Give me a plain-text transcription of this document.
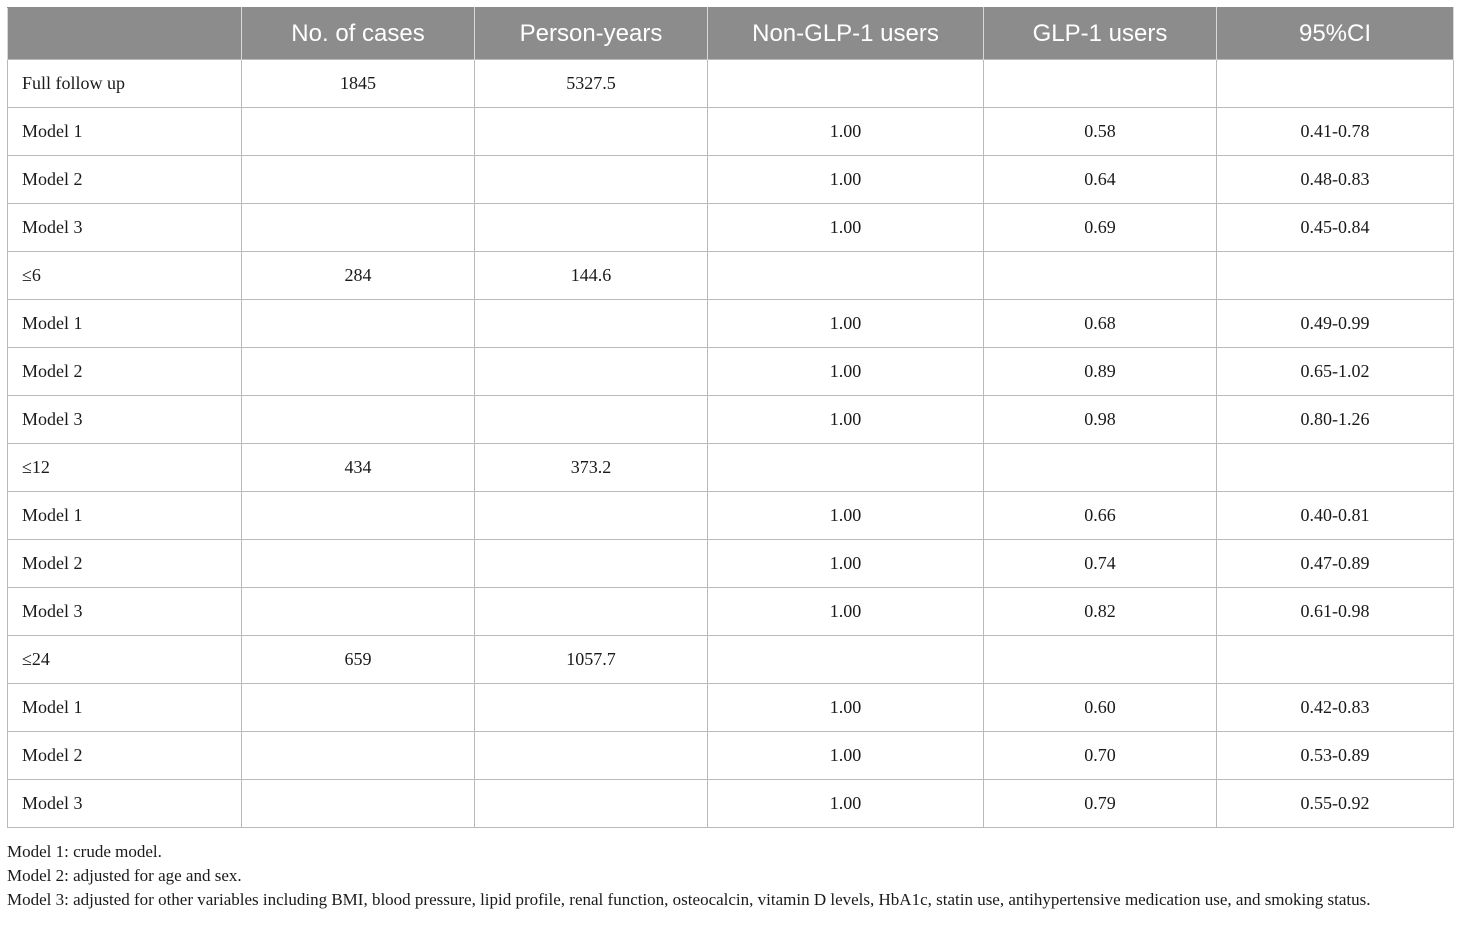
	No. of cases	Person-years	Non-GLP-1 users	GLP-1 users	95%CI
Full follow up	1845	5327.5			
Model 1			1.00	0.58	0.41-0.78
Model 2			1.00	0.64	0.48-0.83
Model 3			1.00	0.69	0.45-0.84
≤6	284	144.6			
Model 1			1.00	0.68	0.49-0.99
Model 2			1.00	0.89	0.65-1.02
Model 3			1.00	0.98	0.80-1.26
≤12	434	373.2			
Model 1			1.00	0.66	0.40-0.81
Model 2			1.00	0.74	0.47-0.89
Model 3			1.00	0.82	0.61-0.98
≤24	659	1057.7			
Model 1			1.00	0.60	0.42-0.83
Model 2			1.00	0.70	0.53-0.89
Model 3			1.00	0.79	0.55-0.92

Model 1: crude model.

Model 2: adjusted for age and sex.

Model 3: adjusted for other variables including BMI, blood pressure, lipid profile, renal function, osteocalcin, vitamin D levels, HbA1c, statin use, antihypertensive medication use, and smoking status.
